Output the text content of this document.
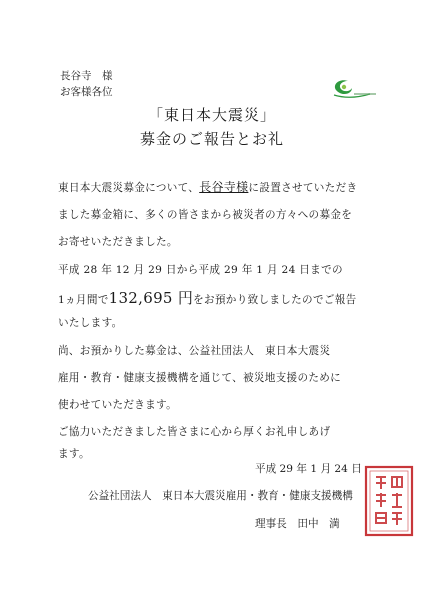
長谷寺　様
お客様各位
「東日本大震災」
募金のご報告とお礼
東日本大震災募金について、長谷寺様に設置させていただき
ました募金箱に、多くの皆さまから被災者の方々への募金を
お寄せいただきました。
平成 28 年 12 月 29 日から平成 29 年 1 月 24 日までの
1ヵ月間で132,695 円をお預かり致しましたのでご報告
いたします。
尚、お預かりした募金は、公益社団法人　東日本大震災
雇用・教育・健康支援機構を通じて、被災地支援のために
使わせていただきます。
ご協力いただきました皆さまに心から厚くお礼申しあげ
ます。
平成 29 年 1 月 24 日
公益社団法人　東日本大震災雇用・教育・健康支援機構
理事長　田中　満
